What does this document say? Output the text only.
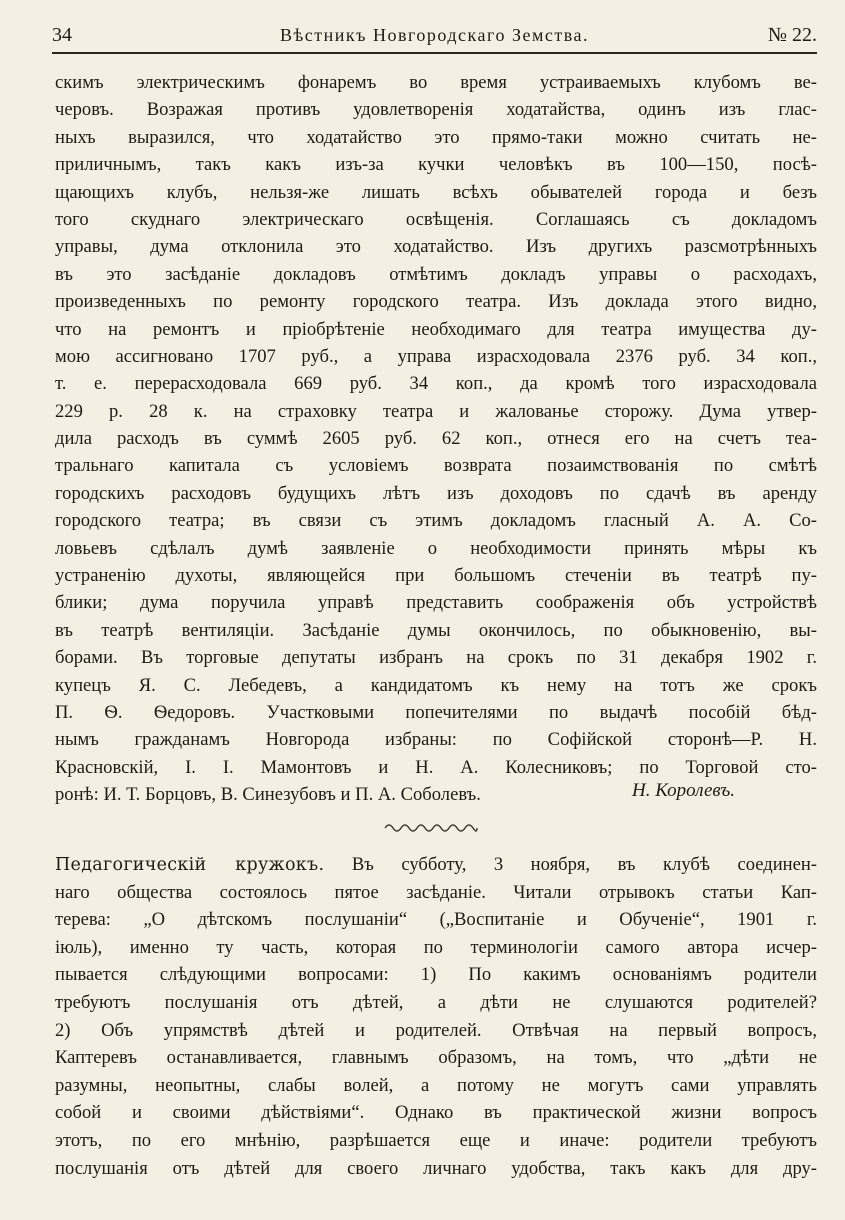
34	Вѣстникъ Новгородскаго Земства.	№ 22.
скимъ электрическимъ фонаремъ во время устраиваемыхъ клубомъ ве-
черовъ. Возражая противъ удовлетворенія ходатайства, одинъ изъ глас-
ныхъ выразился, что ходатайство это прямо-таки можно считать не-
приличнымъ, такъ какъ изъ-за кучки человѣкъ въ 100—150, посѣ-
щающихъ клубъ, нельзя-же лишать всѣхъ обывателей города и безъ
того скуднаго электрическаго освѣщенія. Соглашаясь съ докладомъ
управы, дума отклонила это ходатайство. Изъ другихъ разсмотрѣнныхъ
въ это засѣданіе докладовъ отмѣтимъ докладъ управы о расходахъ,
произведенныхъ по ремонту городского театра. Изъ доклада этого видно,
что на ремонтъ и пріобрѣтеніе необходимаго для театра имущества ду-
мою ассигновано 1707 руб., а управа израсходовала 2376 руб. 34 коп.,
т. е. перерасходовала 669 руб. 34 коп., да кромѣ того израсходовала
229 р. 28 к. на страховку театра и жалованье сторожу. Дума утвер-
дила расходъ въ суммѣ 2605 руб. 62 коп., отнеся его на счетъ теа-
тральнаго капитала съ условіемъ возврата позаимствованія по смѣтѣ
городскихъ расходовъ будущихъ лѣтъ изъ доходовъ по сдачѣ въ аренду
городского театра; въ связи съ этимъ докладомъ гласный А. А. Со-
ловьевъ сдѣлалъ думѣ заявленіе о необходимости принять мѣры къ
устраненію духоты, являющейся при большомъ стеченіи въ театрѣ пу-
блики; дума поручила управѣ представить соображенія объ устройствѣ
въ театрѣ вентиляціи. Засѣданіе думы окончилось, по обыкновенію, вы-
борами. Въ торговые депутаты избранъ на срокъ по 31 декабря 1902 г.
купецъ Я. С. Лебедевъ, а кандидатомъ къ нему на тотъ же срокъ
П. Ѳ. Ѳедоровъ. Участковыми попечителями по выдачѣ пособій бѣд-
нымъ гражданамъ Новгорода избраны: по Софійской сторонѣ—Р. Н.
Красновскій, I. I. Мамонтовъ и Н. А. Колесниковъ; по Торговой сто-
ронѣ: И. Т. Борцовъ, В. Синезубовъ и П. А. Соболевъ.	Н. Королевъ.
Педагогическій кружокъ. Въ субботу, 3 ноября, въ клубѣ соединен-
наго общества состоялось пятое засѣданіе. Читали отрывокъ статьи Кап-
терева: „О дѣтскомъ послушаніи“ („Воспитаніе и Обученіе“, 1901 г.
іюль), именно ту часть, которая по терминологіи самого автора исчер-
пывается слѣдующими вопросами: 1) По какимъ основаніямъ родители
требуютъ послушанія отъ дѣтей, а дѣти не слушаются родителей?
2) Объ упрямствѣ дѣтей и родителей. Отвѣчая на первый вопросъ,
Каптеревъ останавливается, главнымъ образомъ, на томъ, что „дѣти не
разумны, неопытны, слабы волей, а потому не могутъ сами управлять
собой и своими дѣйствіями“. Однако въ практической жизни вопросъ
этотъ, по его мнѣнію, разрѣшается еще и иначе: родители требуютъ
послушанія отъ дѣтей для своего личнаго удобства, такъ какъ для дру-
